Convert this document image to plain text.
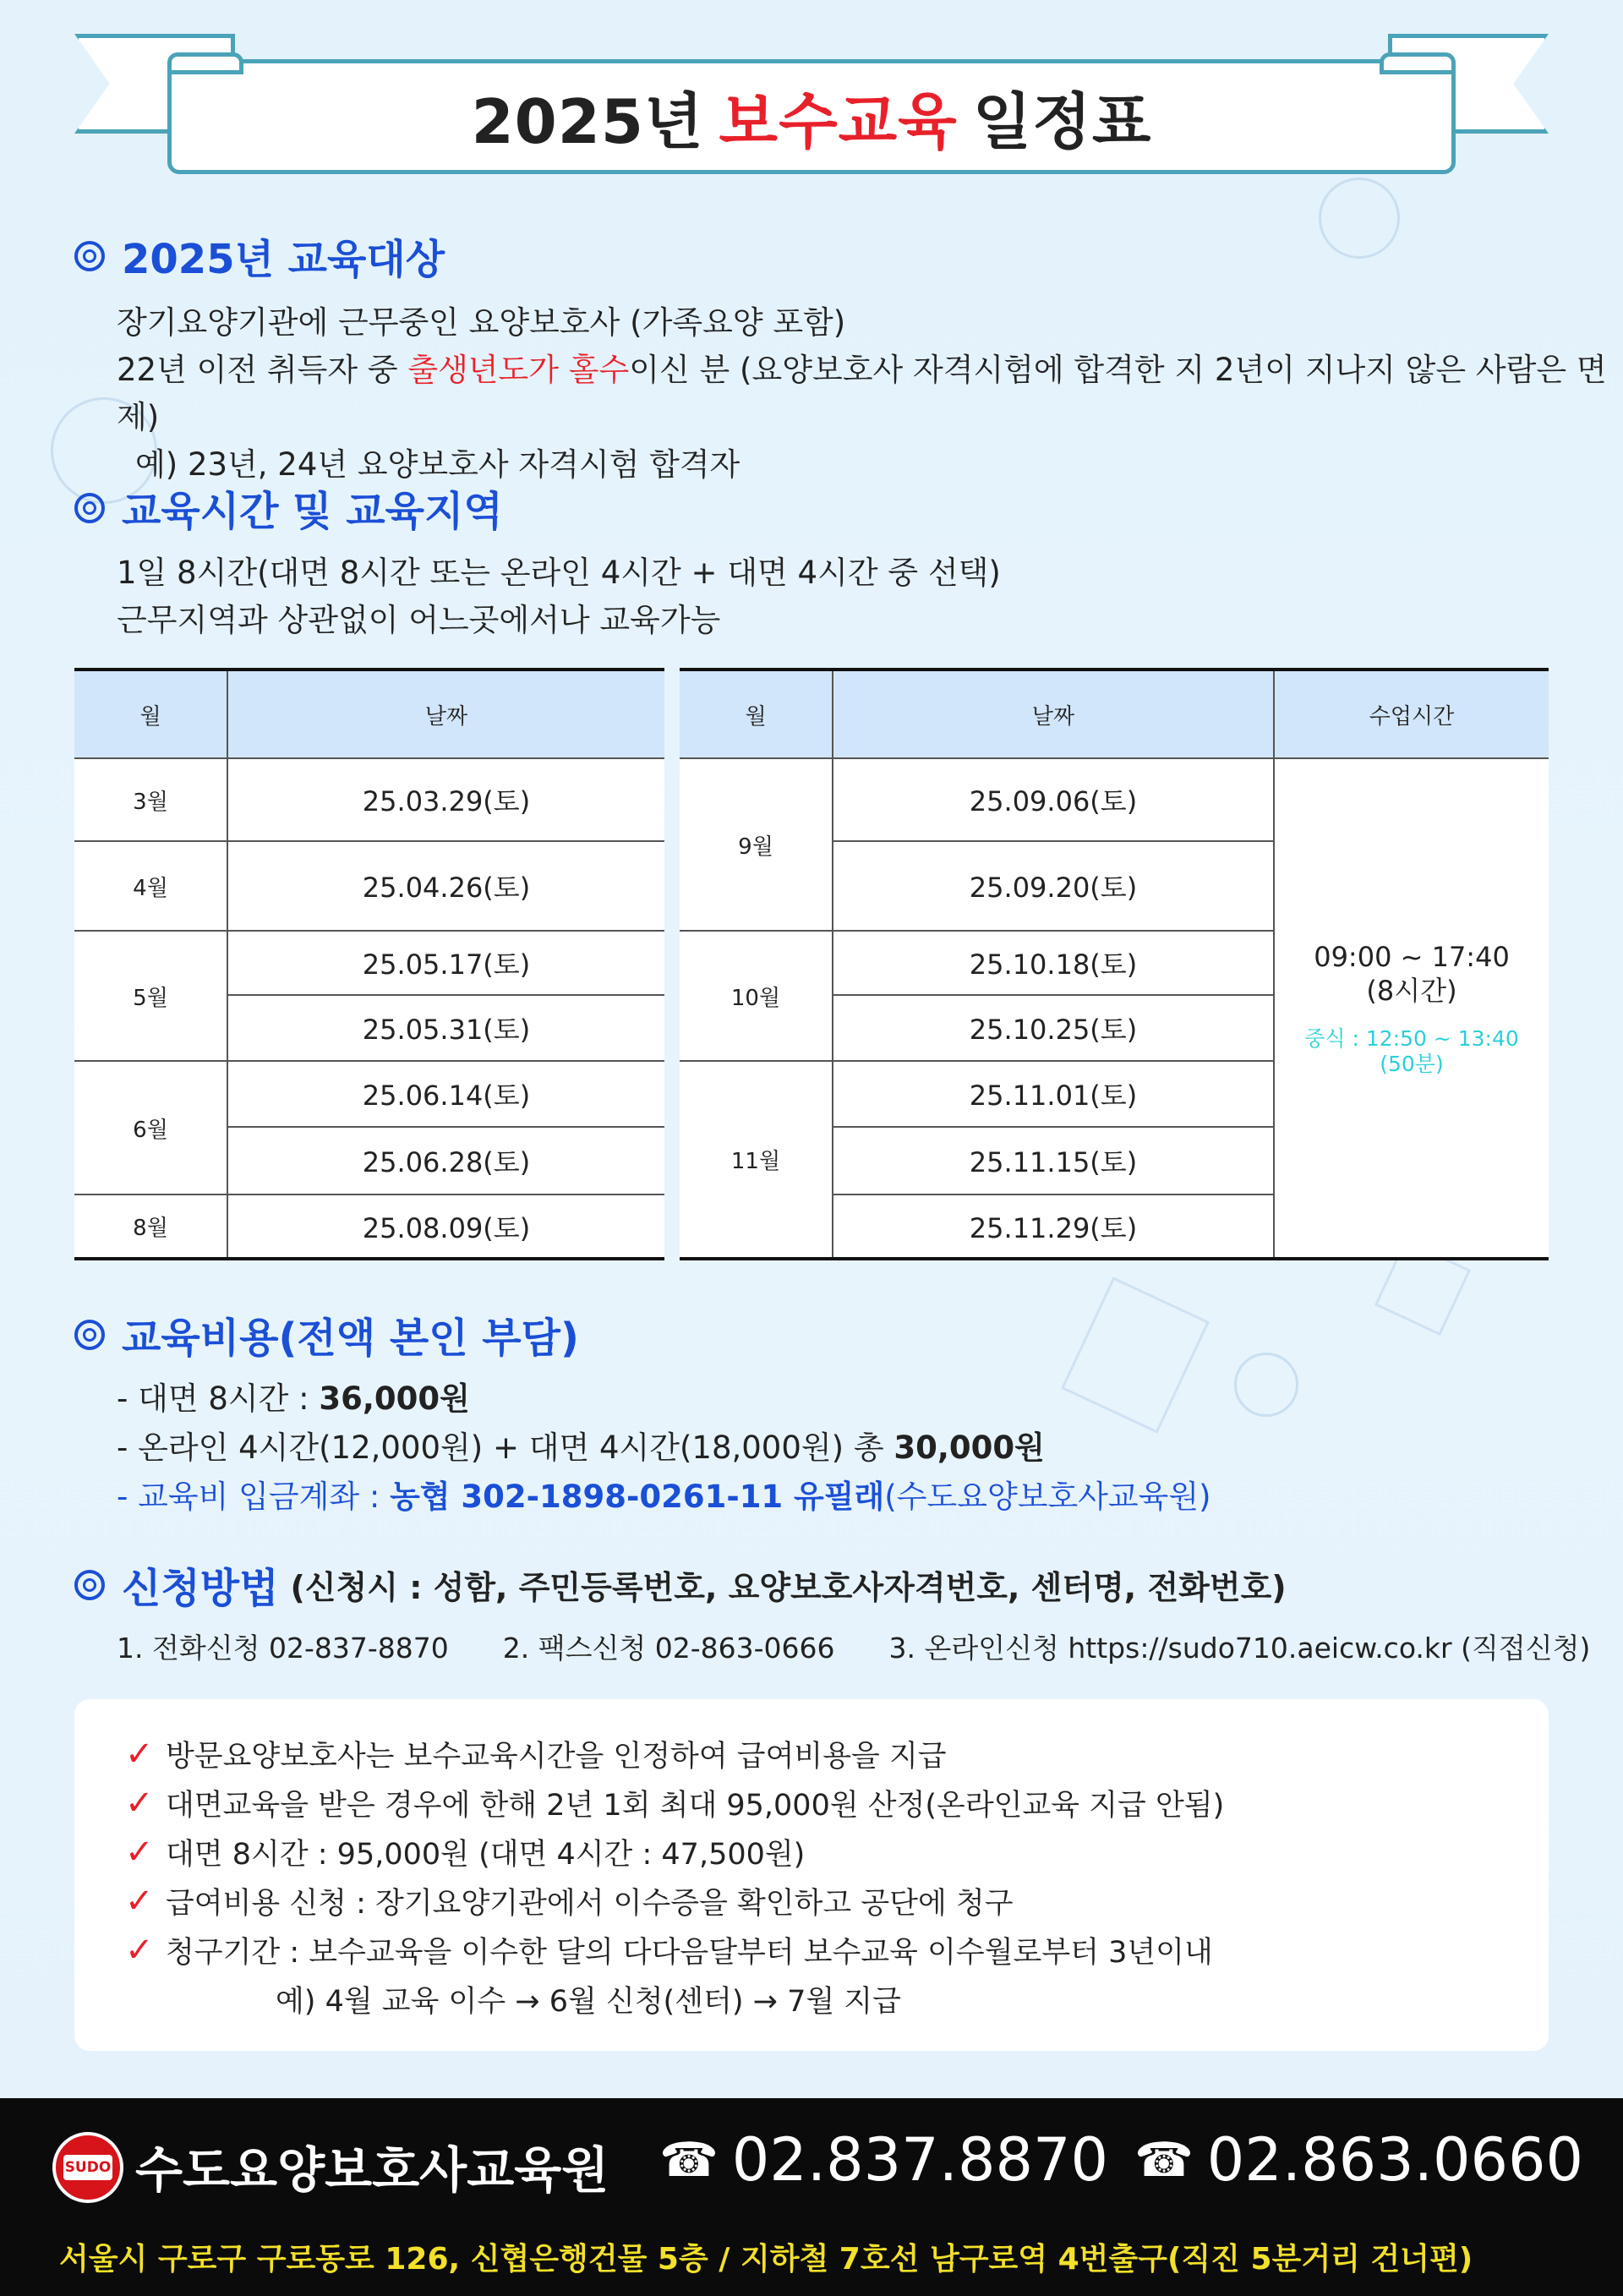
2025년 보수교육 일정표
2025년 교육대상
장기요양기관에 근무중인 요양보호사 (가족요양 포함)
22년 이전 취득자 중 출생년도가 홀수이신 분 (요양보호사 자격시험에 합격한 지 2년이 지나지 않은 사람은 면제)
예) 23년, 24년 요양보호사 자격시험 합격자
교육시간 및 교육지역
1일 8시간(대면 8시간 또는 온라인 4시간 + 대면 4시간 중 선택)
근무지역과 상관없이 어느곳에서나 교육가능
월	날짜
3월	25.03.29(토)
4월	25.04.26(토)
5월	25.05.17(토)
	25.05.31(토)
6월	25.06.14(토)
	25.06.28(토)
8월	25.08.09(토)
월	날짜	수업시간
9월	25.09.06(토)	09:00 ~ 17:40
(8시간)
중식 : 12:50 ~ 13:40
(50분)

	25.09.20(토)	
10월	25.10.18(토)	
	25.10.25(토)	
11월	25.11.01(토)	
	25.11.15(토)	
	25.11.29(토)	
교육비용(전액 본인 부담)
- 대면 8시간 : 36,000원
- 온라인 4시간(12,000원) + 대면 4시간(18,000원) 총 30,000원
- 교육비 입금계좌 : 농협 302-1898-0261-11 유필래(수도요양보호사교육원)
신청방법 (신청시 : 성함, 주민등록번호, 요양보호사자격번호, 센터명, 전화번호)
1. 전화신청 02-837-8870 2. 팩스신청 02-863-0666 3. 온라인신청 https://sudo710.aeicw.co.kr (직접신청)
✓ 방문요양보호사는 보수교육시간을 인정하여 급여비용을 지급
✓ 대면교육을 받은 경우에 한해 2년 1회 최대 95,000원 산정(온라인교육 지급 안됨)
✓ 대면 8시간 : 95,000원 (대면 4시간 : 47,500원)
✓ 급여비용 신청 : 장기요양기관에서 이수증을 확인하고 공단에 청구
✓ 청구기간 : 보수교육을 이수한 달의 다다음달부터 보수교육 이수월로부터 3년이내
예) 4월 교육 이수 → 6월 신청(센터) → 7월 지급
SUDO 수도요양보호사교육원 ☎ 02.837.8870 ☎ 02.863.0660
서울시 구로구 구로동로 126, 신협은행건물 5층 / 지하철 7호선 남구로역 4번출구(직진 5분거리 건너편)
